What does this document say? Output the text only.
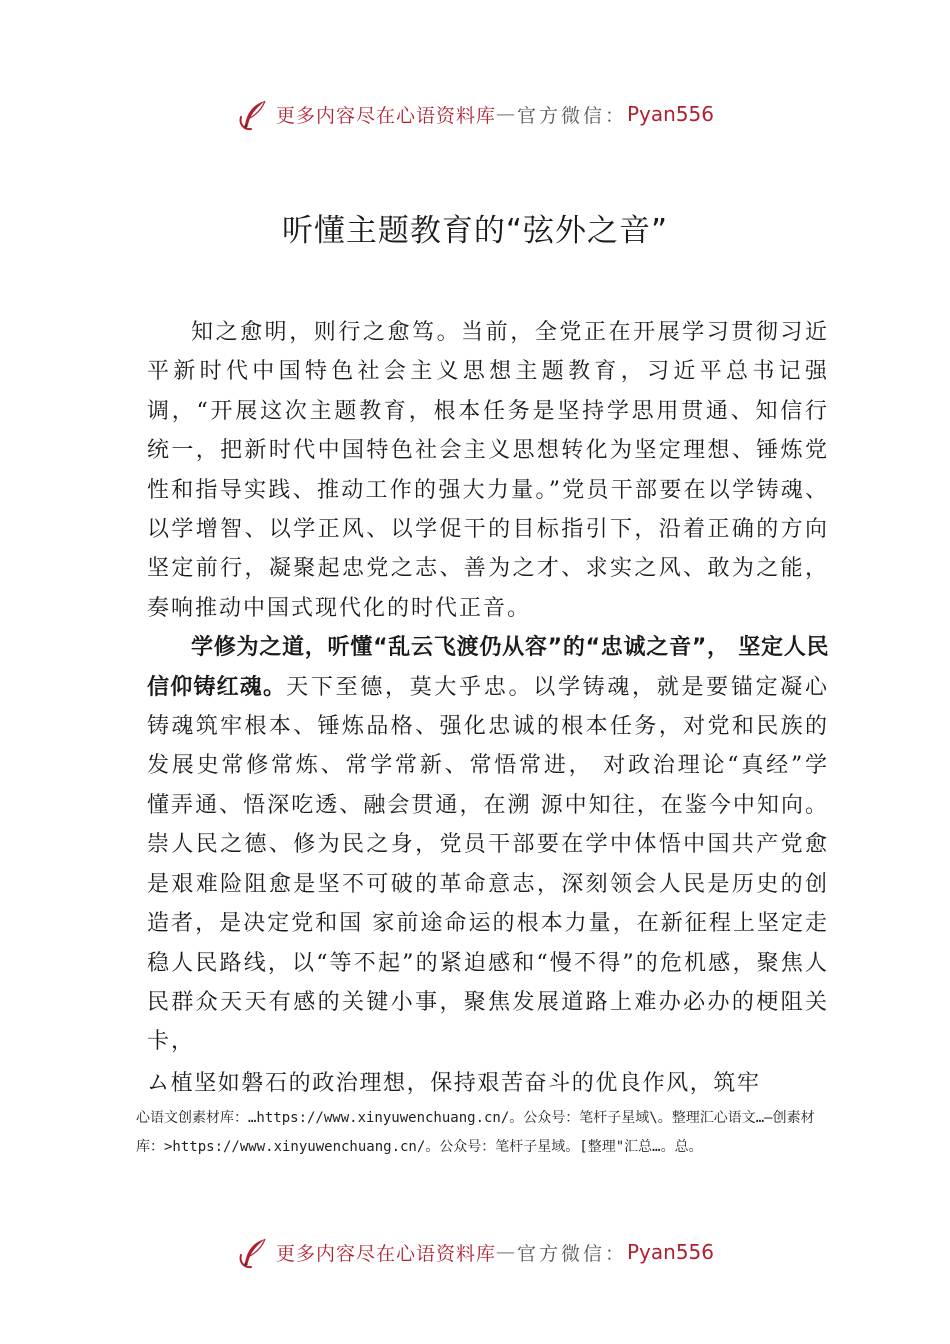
更多内容尽在心语资料库 — 官方微信： Pyan556
听懂主题教育的“弦外之音”

知之愈明，则行之愈笃。当前，全党正在开展学习贯彻习近平新时代中国特色社会主义思想主题教育，习近平总书记强调，“开展这次主题教育，根本任务是坚持学思用贯通、知信行统一，把新时代中国特色社会主义思想转化为坚定理想、锤炼党性和指导实践、推动工作的强大力量。”党员干部要在以学铸魂、以学增智、以学正风、以学促干的目标指引下，沿着正确的方向坚定前行，凝聚起忠党之志、善为之才、求实之风、敢为之能，奏响推动中国式现代化的时代正音。

学修为之道，听懂“乱云飞渡仍从容”的“忠诚之音”， 坚定人民信仰铸红魂。天下至德，莫大乎忠。以学铸魂，就是要锚定凝心铸魂筑牢根本、锤炼品格、强化忠诚的根本任务，对党和民族的发展史常修常炼、常学常新、常悟常进， 对政治理论“真经”学懂弄通、悟深吃透、融会贯通，在溯 源中知往，在鉴今中知向。崇人民之德、修为民之身，党员干部要在学中体悟中国共产党愈是艰难险阻愈是坚不可破的革命意志，深刻领会人民是历史的创造者，是决定党和国 家前途命运的根本力量，在新征程上坚定走稳人民路线，以“等不起”的紧迫感和“慢不得”的危机感，聚焦人民群众天天有感的关键小事，聚焦发展道路上难办必办的梗阻关卡，

ム植坚如磐石的政治理想，保持艰苦奋斗的优良作风，筑牢

心语文创素材库：…https://www.xinyuwenchuang.cn/。公众号：笔杆子星域\。整理汇心语文…—创素材库：>https://www.xinyuwenchuang.cn/。公众号：笔杆子星域。[整理"汇总…。总。

更多内容尽在心语资料库 — 官方微信： Pyan556
